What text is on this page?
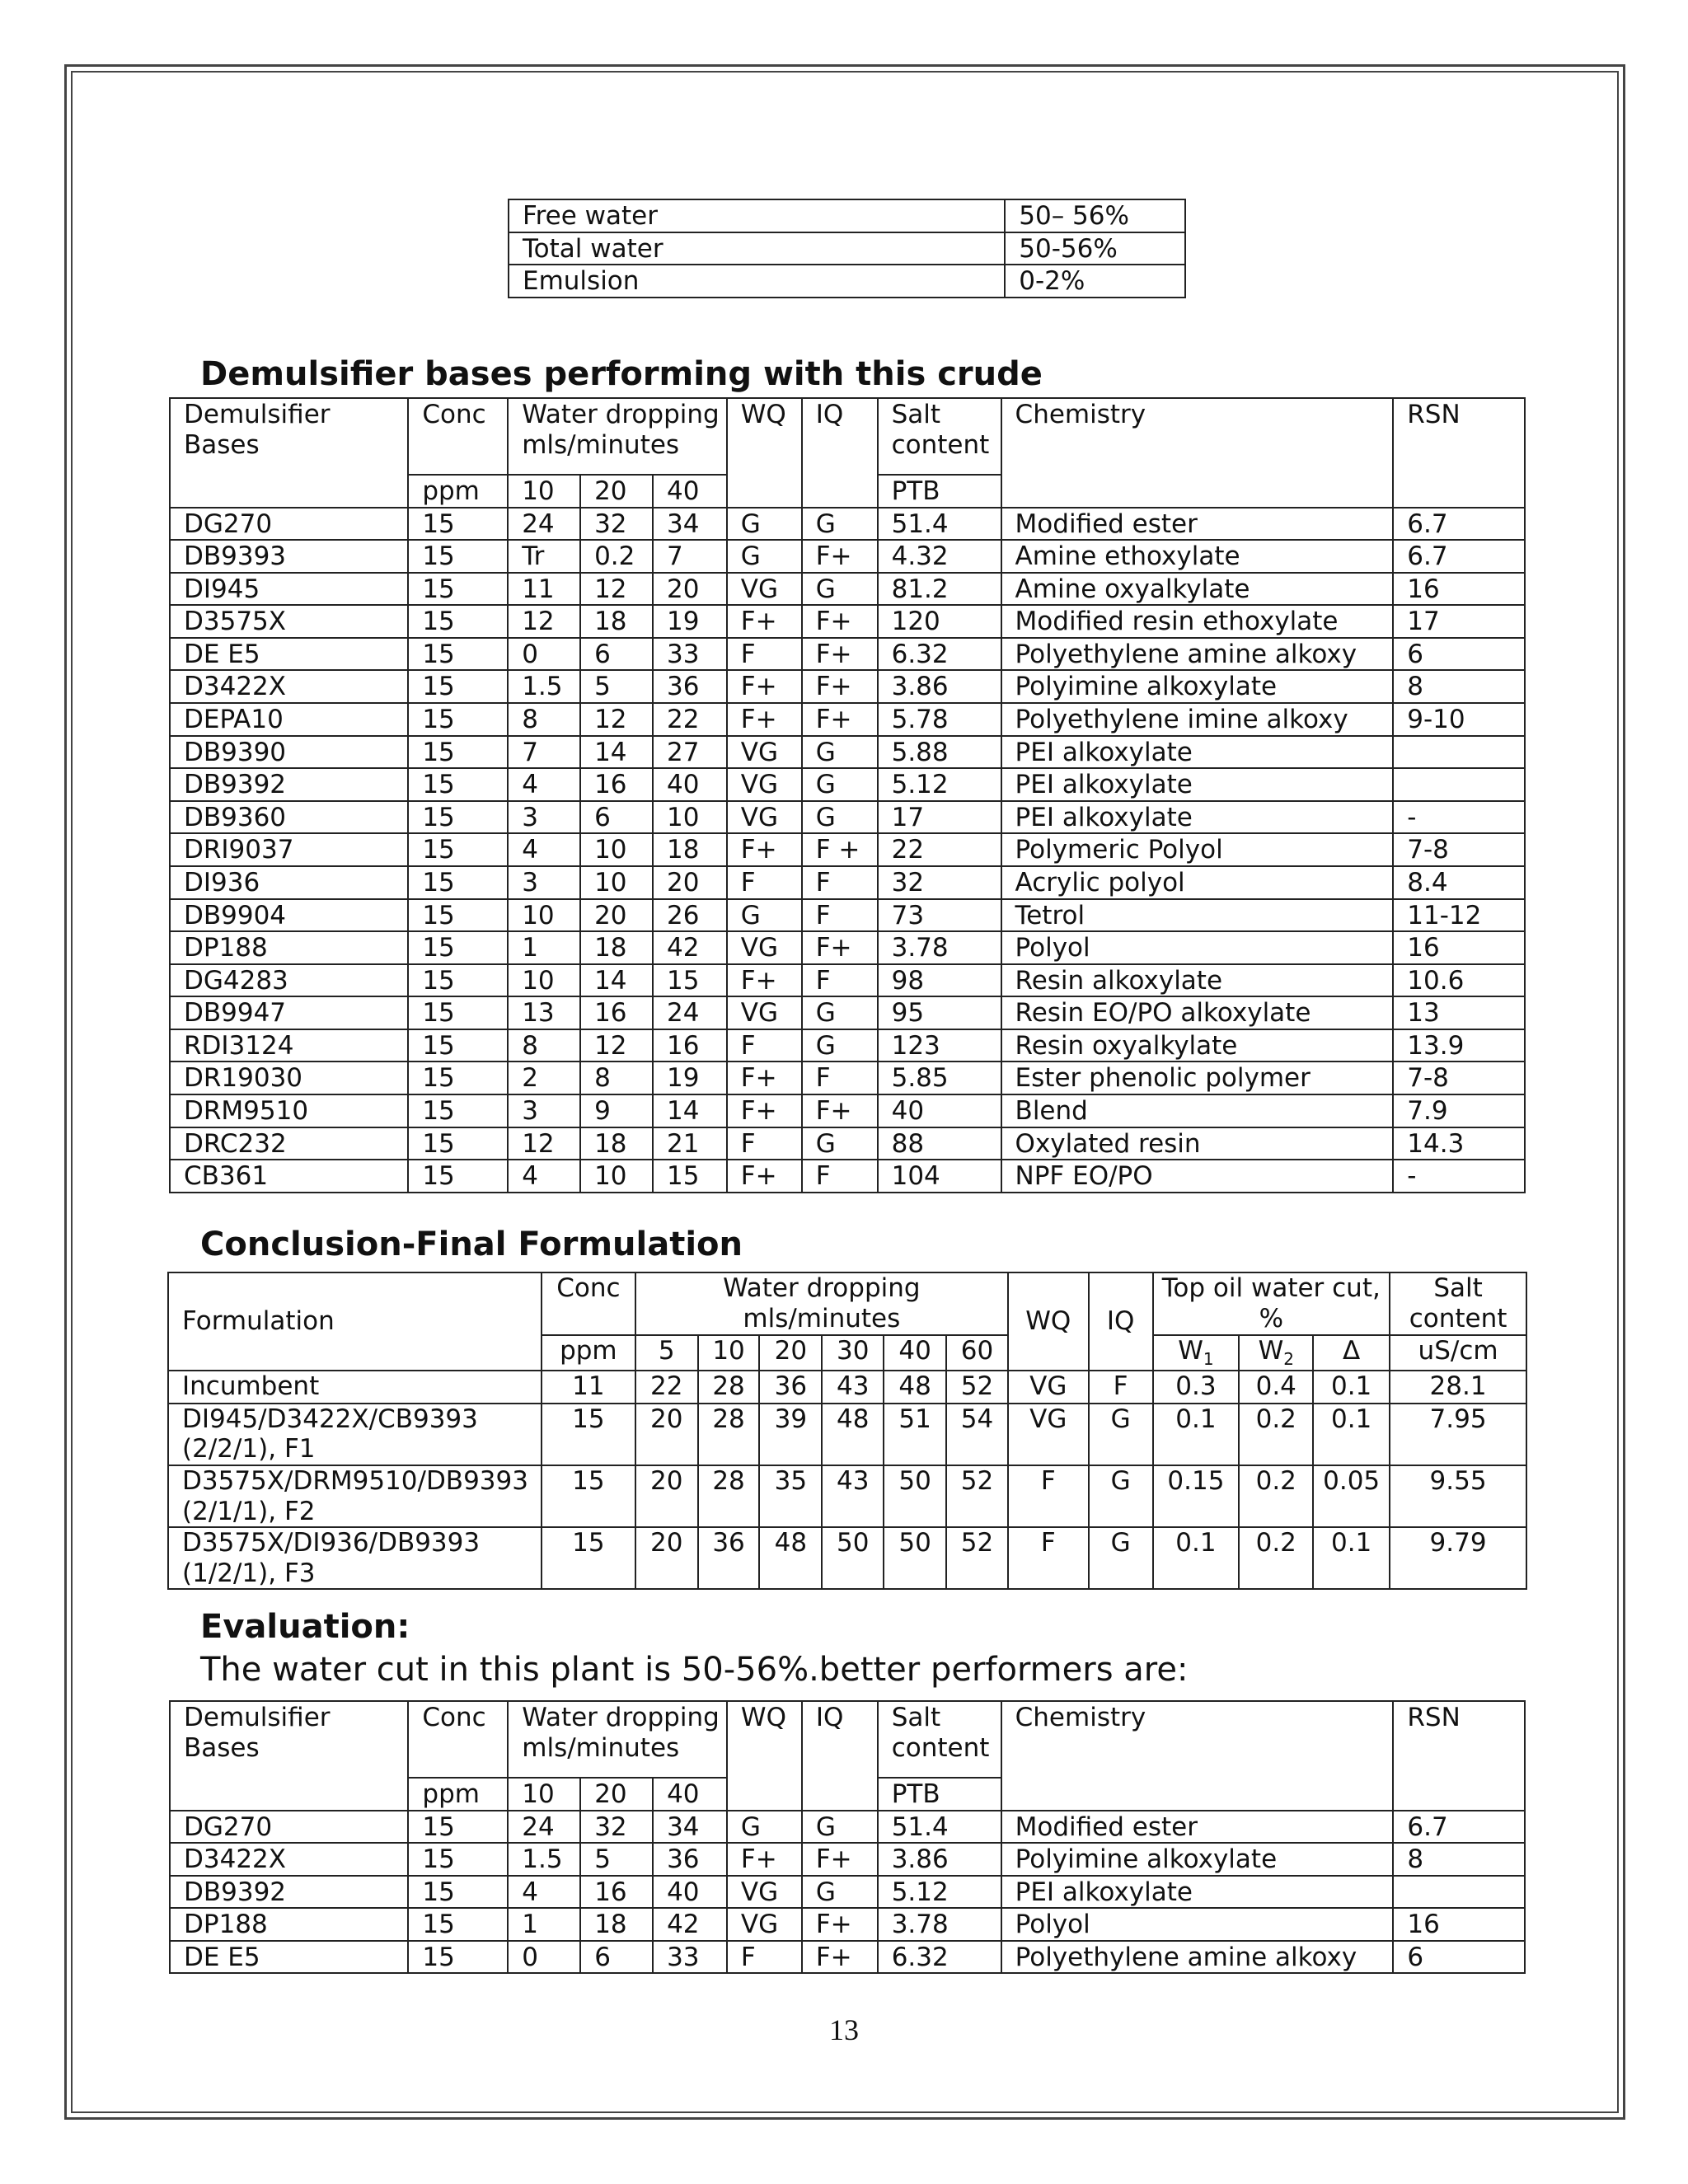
Free water	50– 56%
Total water	50-56%
Emulsion	0-2%
Demulsifier bases performing with this crude
Demulsifier Bases	Conc	Water dropping mls/minutes			WQ	IQ	Salt content	Chemistry	RSN
	ppm	10	20	40			PTB		
DG270	15	24	32	34	G	G	51.4	Modified ester	6.7
DB9393	15	Tr	0.2	7	G	F+	4.32	Amine ethoxylate	6.7
DI945	15	11	12	20	VG	G	81.2	Amine oxyalkylate	16
D3575X	15	12	18	19	F+	F+	120	Modified resin ethoxylate	17
DE E5	15	0	6	33	F	F+	6.32	Polyethylene amine alkoxy	6
D3422X	15	1.5	5	36	F+	F+	3.86	Polyimine alkoxylate	8
DEPA10	15	8	12	22	F+	F+	5.78	Polyethylene imine alkoxy	9-10
DB9390	15	7	14	27	VG	G	5.88	PEI alkoxylate	
DB9392	15	4	16	40	VG	G	5.12	PEI alkoxylate	
DB9360	15	3	6	10	VG	G	17	PEI alkoxylate	-
DRI9037	15	4	10	18	F+	F +	22	Polymeric Polyol	7-8
DI936	15	3	10	20	F	F	32	Acrylic polyol	8.4
DB9904	15	10	20	26	G	F	73	Tetrol	11-12
DP188	15	1	18	42	VG	F+	3.78	Polyol	16
DG4283	15	10	14	15	F+	F	98	Resin alkoxylate	10.6
DB9947	15	13	16	24	VG	G	95	Resin EO/PO alkoxylate	13
RDI3124	15	8	12	16	F	G	123	Resin oxyalkylate	13.9
DR19030	15	2	8	19	F+	F	5.85	Ester phenolic polymer	7-8
DRM9510	15	3	9	14	F+	F+	40	Blend	7.9
DRC232	15	12	18	21	F	G	88	Oxylated resin	14.3
CB361	15	4	10	15	F+	F	104	NPF EO/PO	-
Conclusion-Final Formulation
Formulation	Conc	Water dropping mls/minutes						WQ	IQ	Top oil water cut, %			Salt content
	ppm	5	10	20	30	40	60			$W_1$	$W_2$	Δ	uS/cm
Incumbent	11	22	28	36	43	48	52	VG	F	0.3	0.4	0.1	28.1
DI945/D3422X/CB9393 (2/2/1), F1	15	20	28	39	48	51	54	VG	G	0.1	0.2	0.1	7.95
D3575X/DRM9510/DB9393 (2/1/1), F2	15	20	28	35	43	50	52	F	G	0.15	0.2	0.05	9.55
D3575X/DI936/DB9393 (1/2/1), F3	15	20	36	48	50	50	52	F	G	0.1	0.2	0.1	9.79
Evaluation:
The water cut in this plant is 50-56%.better performers are:
Demulsifier Bases	Conc	Water dropping mls/minutes			WQ	IQ	Salt content	Chemistry	RSN
	ppm	10	20	40			PTB		
DG270	15	24	32	34	G	G	51.4	Modified ester	6.7
D3422X	15	1.5	5	36	F+	F+	3.86	Polyimine alkoxylate	8
DB9392	15	4	16	40	VG	G	5.12	PEI alkoxylate	
DP188	15	1	18	42	VG	F+	3.78	Polyol	16
DE E5	15	0	6	33	F	F+	6.32	Polyethylene amine alkoxy	6
13
